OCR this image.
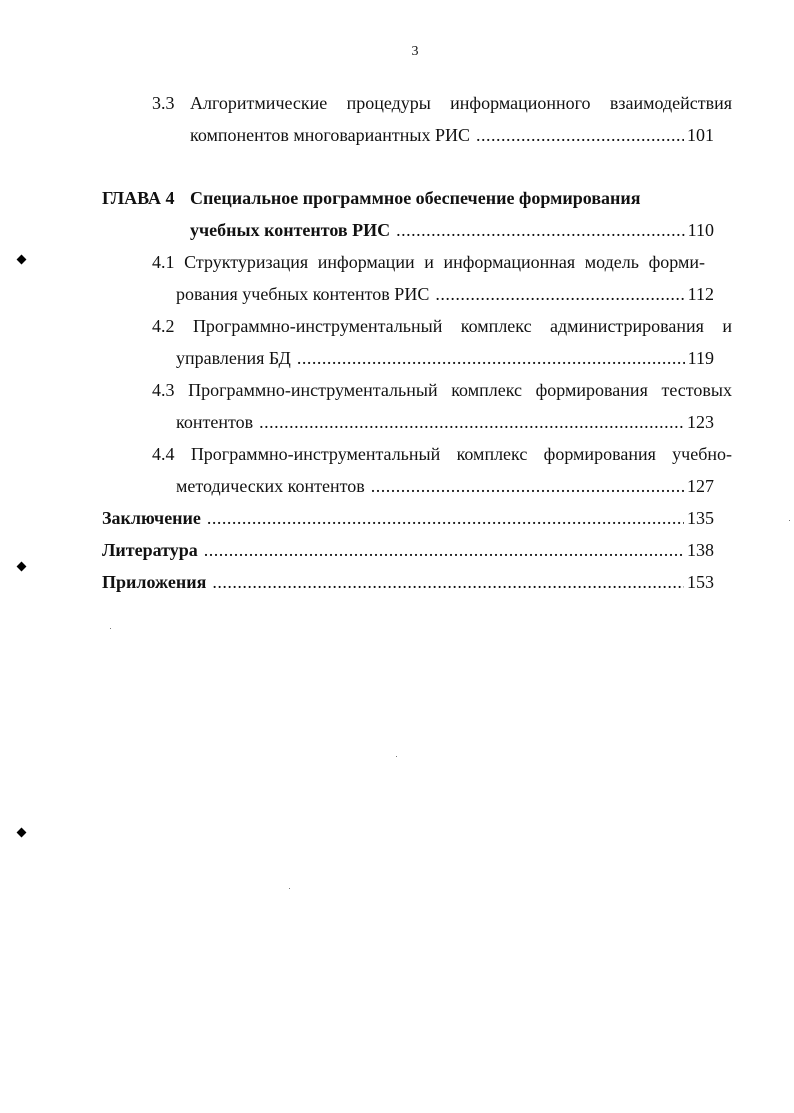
3
3.3 Алгоритмические процедуры информационного взаимодействия
компонентов многовариантных РИС .....	101
ГЛАВА 4 Специальное программное обеспечение формирования
учебных контентов РИС .....	110
4.1 Структуризация информации и информационная модель форми-
рования учебных контентов РИС .....	112
4.2 Программно-инструментальный комплекс администрирования и
управления БД .....	119
4.3 Программно-инструментальный комплекс формирования тестовых
контентов .....	123
4.4 Программно-инструментальный комплекс формирования учебно-
методических контентов .....	127
Заключение .....	135
Литература .....	138
Приложения .....	153
